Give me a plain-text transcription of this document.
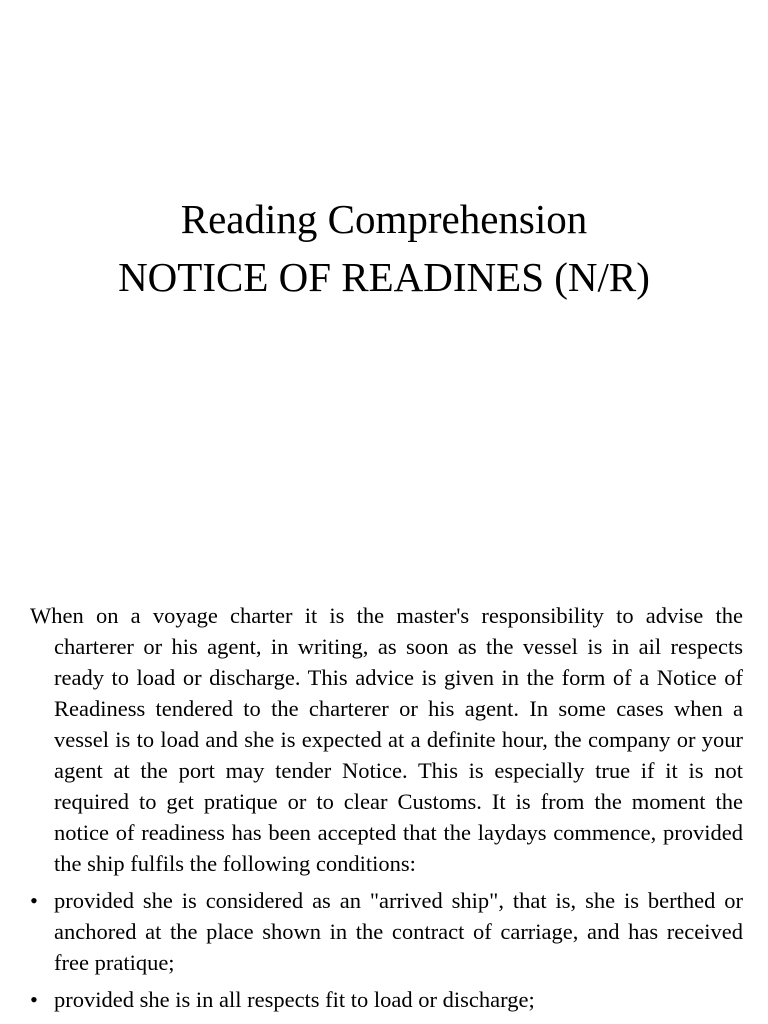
Reading Comprehension
NOTICE OF READINES (N/R)

When on a voyage charter it is the master's responsibility to advise the charterer or his agent, in writing, as soon as the vessel is in ail respects ready to load or discharge. This advice is given in the form of a Notice of Readiness tendered to the charterer or his agent. In some cases when a vessel is to load and she is expected at a definite hour, the company or your agent at the port may tender Notice. This is especially true if it is not required to get pratique or to clear Customs. It is from the moment the notice of readiness has been accepted that the laydays commence, provided the ship fulfils the following conditions:

• provided she is considered as an "arrived ship", that is, she is berthed or anchored at the place shown in the contract of carriage, and has received free pratique;
• provided she is in all respects fit to load or discharge;
